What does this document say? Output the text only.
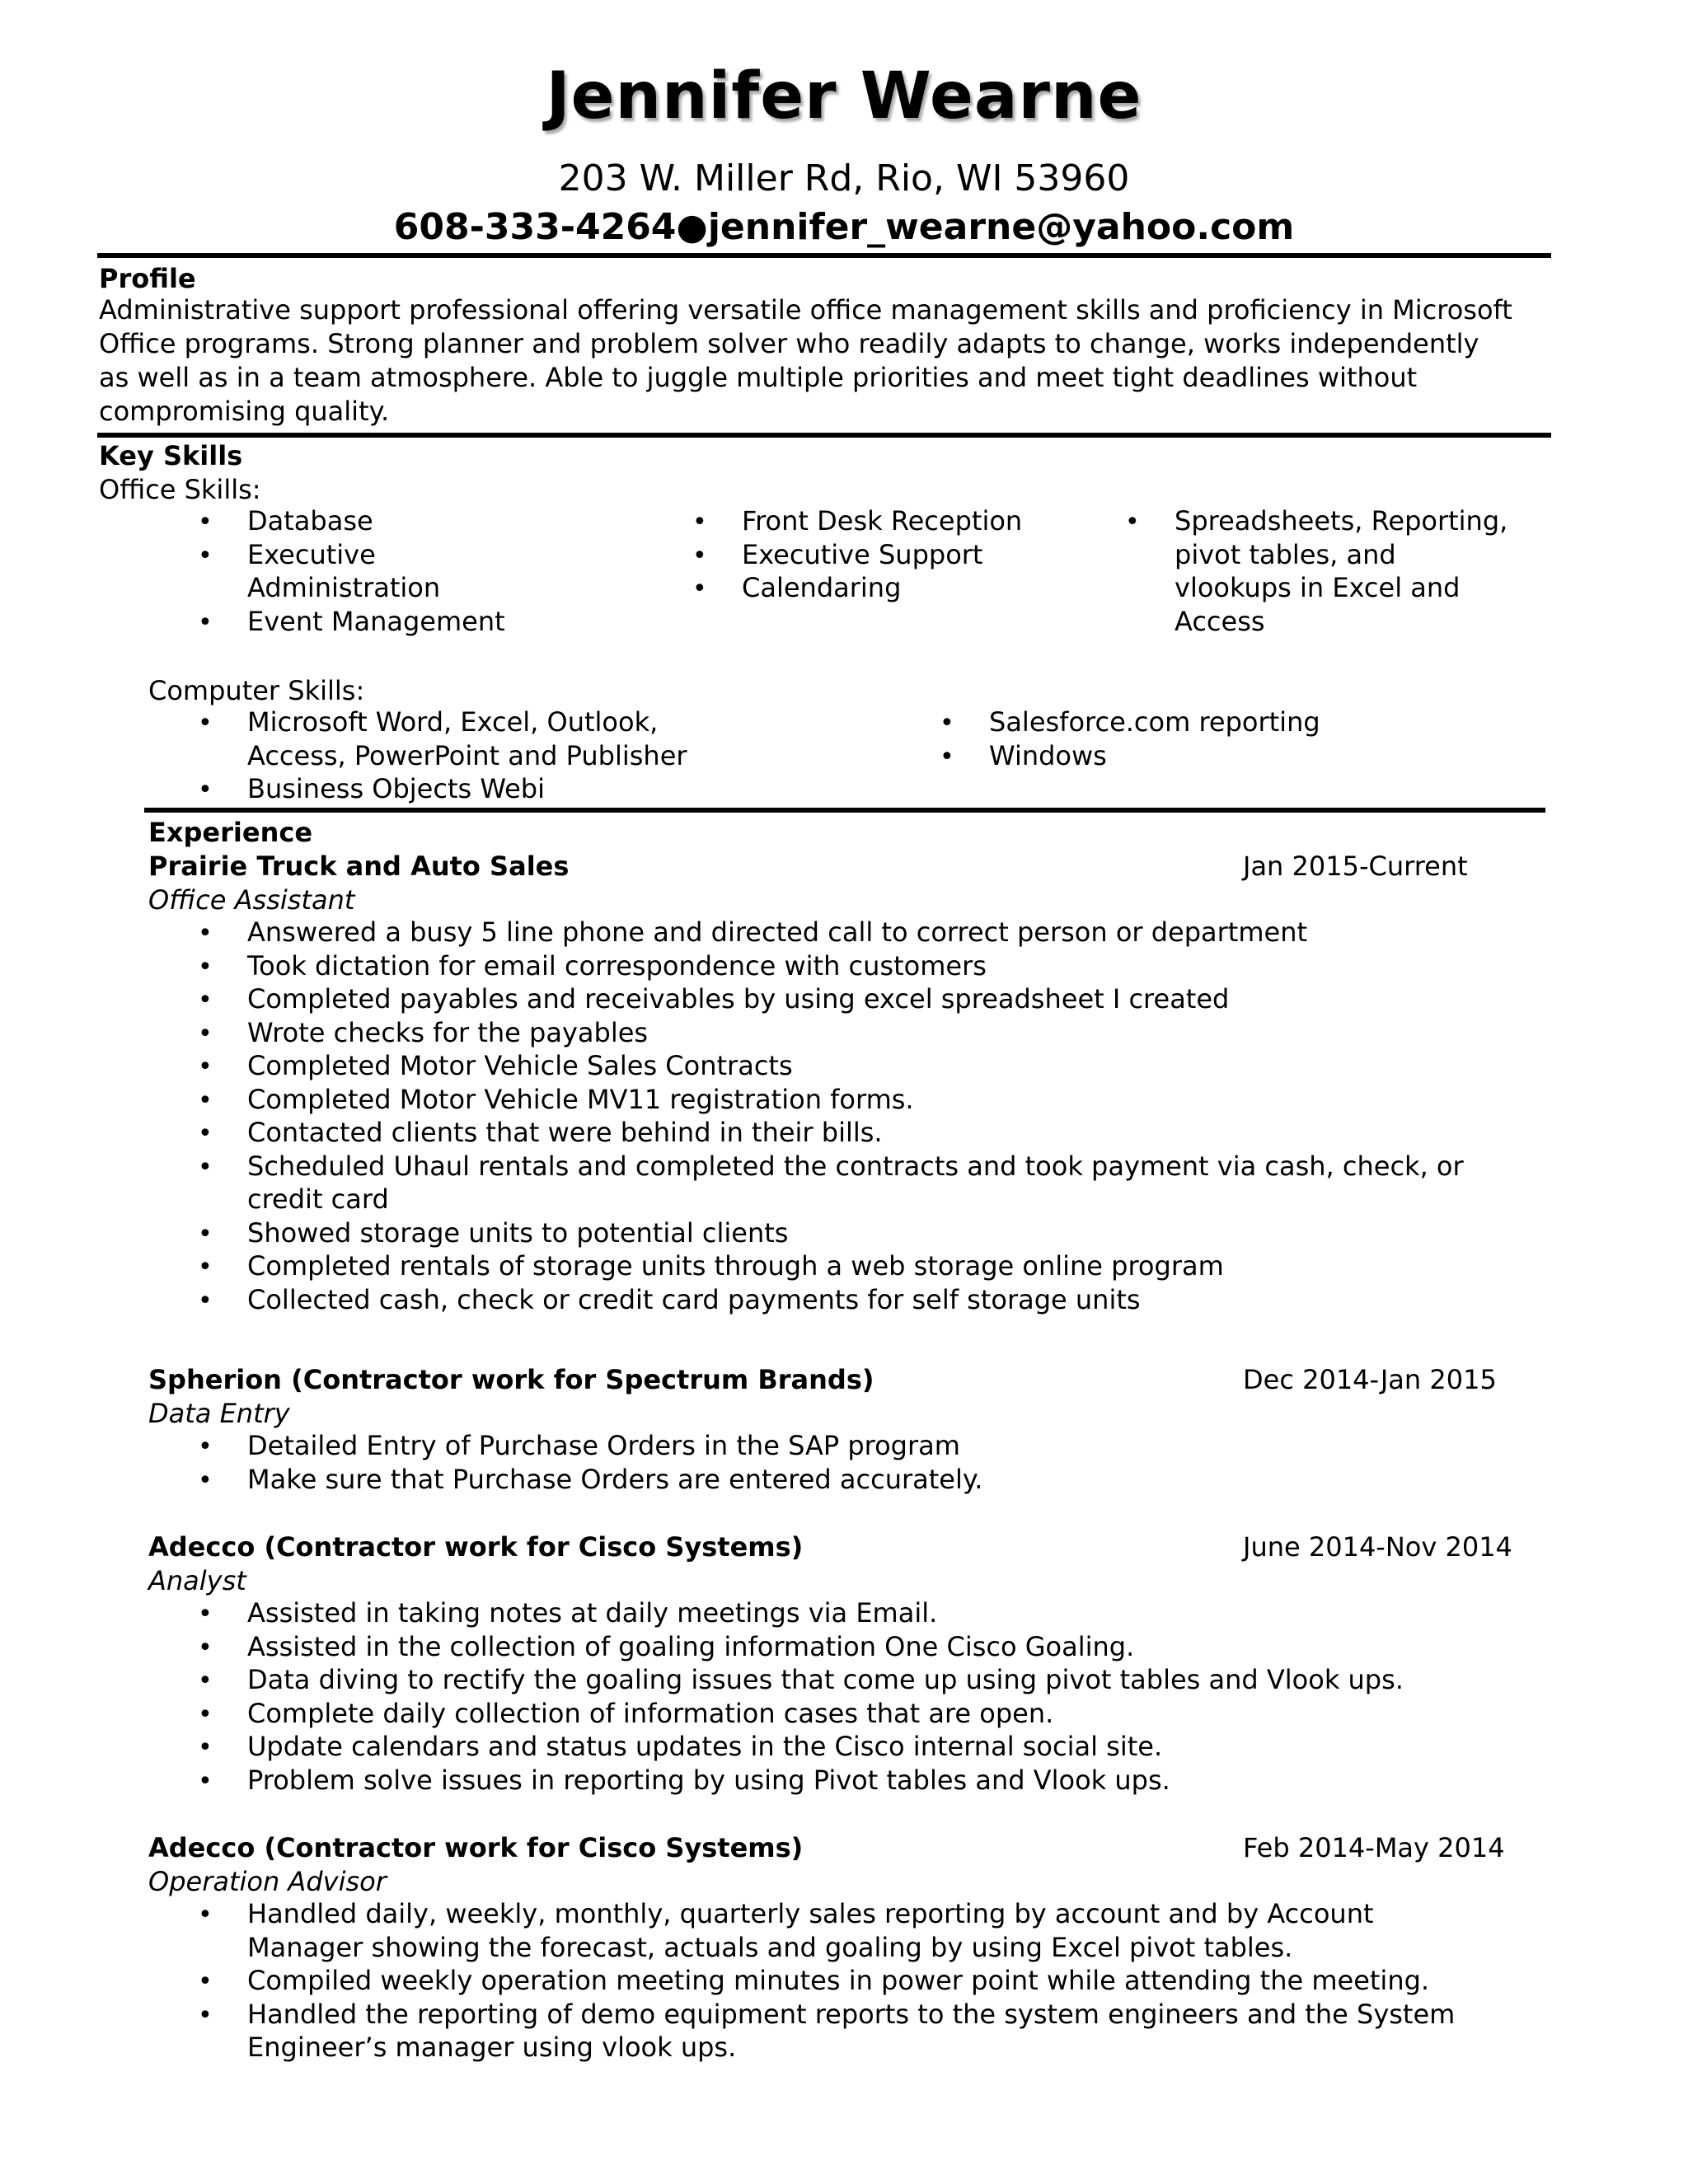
Jennifer Wearne
203 W. Miller Rd, Rio, WI 53960
608-333-4264●jennifer_wearne@yahoo.com
Profile
Administrative support professional offering versatile office management skills and proficiency in Microsoft
Office programs. Strong planner and problem solver who readily adapts to change, works independently
as well as in a team atmosphere. Able to juggle multiple priorities and meet tight deadlines without
compromising quality.
Key Skills
Office Skills:
•
Database
•
Executive
Administration
•
Event Management
•
Front Desk Reception
•
Executive Support
•
Calendaring
•
Spreadsheets, Reporting,
pivot tables, and
vlookups in Excel and
Access
Computer Skills:
•
Microsoft Word, Excel, Outlook,
Access, PowerPoint and Publisher
•
Business Objects Webi
•
Salesforce.com reporting
•
Windows
Experience
Prairie Truck and Auto Sales	Jan 2015-Current
Office Assistant
•
Answered a busy 5 line phone and directed call to correct person or department
•
Took dictation for email correspondence with customers
•
Completed payables and receivables by using excel spreadsheet I created
•
Wrote checks for the payables
•
Completed Motor Vehicle Sales Contracts
•
Completed Motor Vehicle MV11 registration forms.
•
Contacted clients that were behind in their bills.
•
Scheduled Uhaul rentals and completed the contracts and took payment via cash, check, or
credit card
•
Showed storage units to potential clients
•
Completed rentals of storage units through a web storage online program
•
Collected cash, check or credit card payments for self storage units
Spherion (Contractor work for Spectrum Brands)	Dec 2014-Jan 2015
Data Entry
•
Detailed Entry of Purchase Orders in the SAP program
•
Make sure that Purchase Orders are entered accurately.
Adecco (Contractor work for Cisco Systems)	June 2014-Nov 2014
Analyst
•
Assisted in taking notes at daily meetings via Email.
•
Assisted in the collection of goaling information One Cisco Goaling.
•
Data diving to rectify the goaling issues that come up using pivot tables and Vlook ups.
•
Complete daily collection of information cases that are open.
•
Update calendars and status updates in the Cisco internal social site.
•
Problem solve issues in reporting by using Pivot tables and Vlook ups.
Adecco (Contractor work for Cisco Systems)	Feb 2014-May 2014
Operation Advisor
•
Handled daily, weekly, monthly, quarterly sales reporting by account and by Account
Manager showing the forecast, actuals and goaling by using Excel pivot tables.
•
Compiled weekly operation meeting minutes in power point while attending the meeting.
•
Handled the reporting of demo equipment reports to the system engineers and the System
Engineer’s manager using vlook ups.
